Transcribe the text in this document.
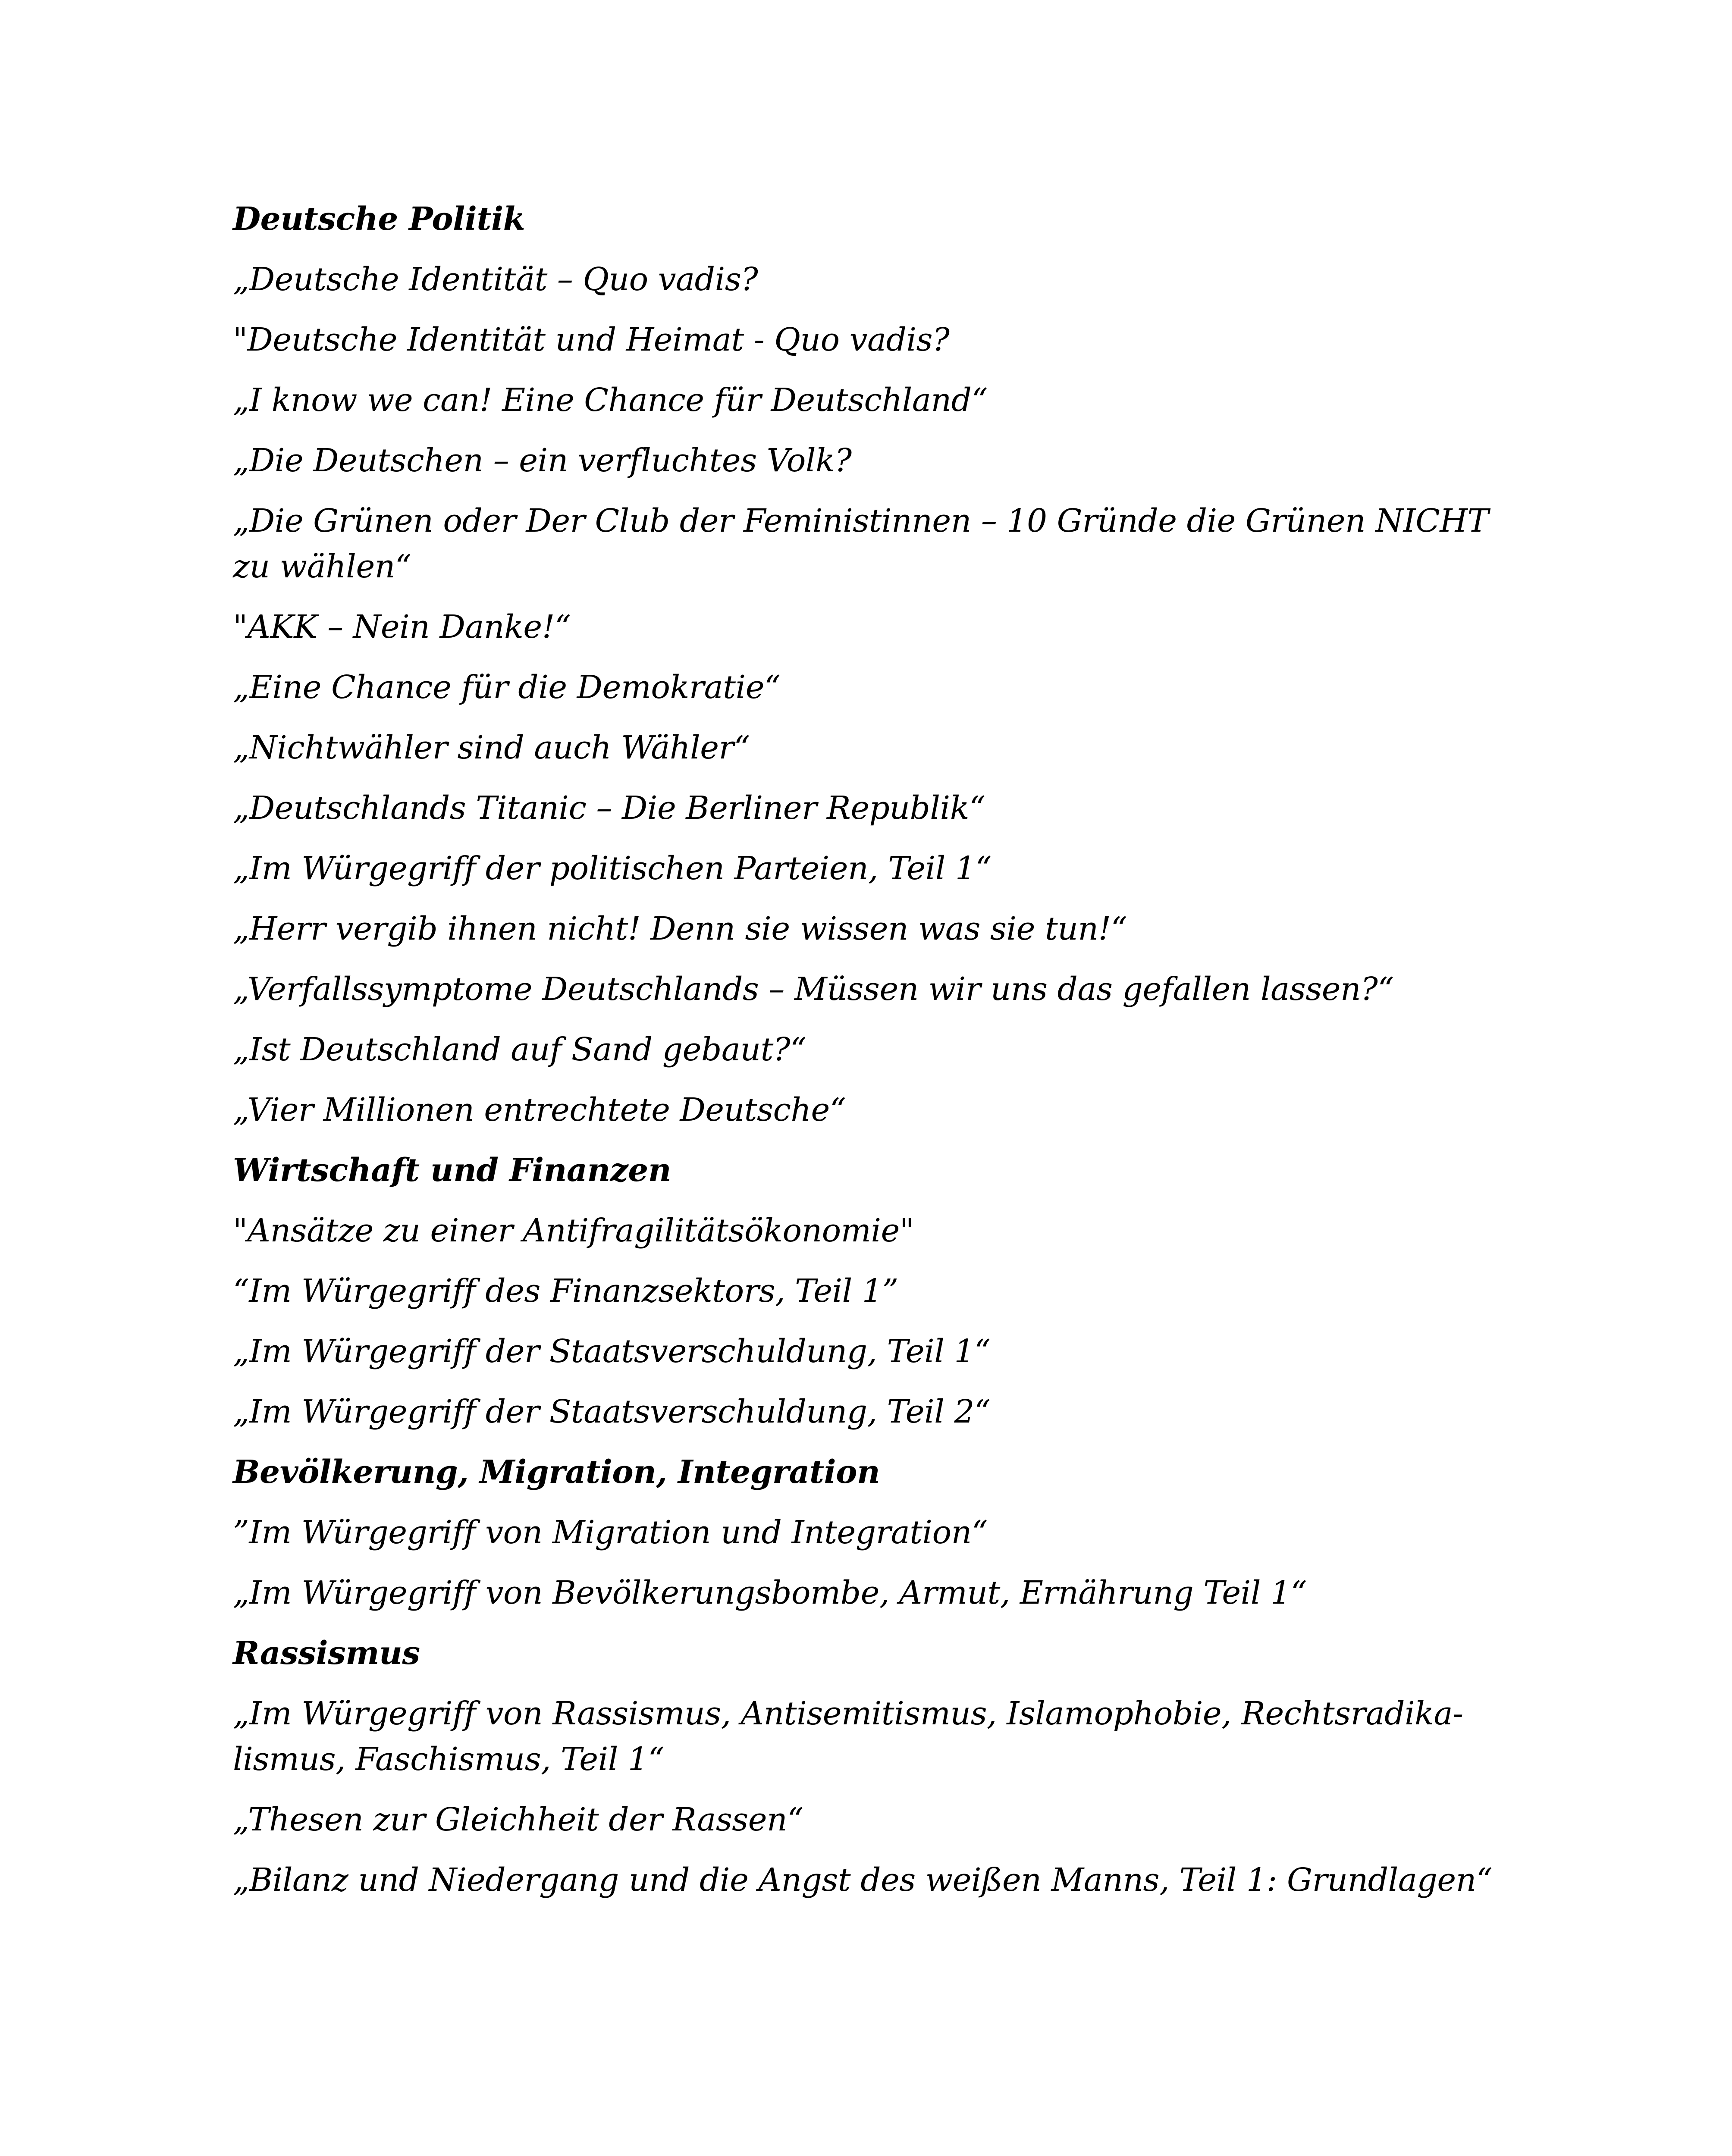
Deutsche Politik
„Deutsche Identität – Quo vadis?
"Deutsche Identität und Heimat - Quo vadis?
„I know we can! Eine Chance für Deutschland“
„Die Deutschen – ein verfluchtes Volk?
„Die Grünen oder Der Club der Feministinnen – 10 Gründe die Grünen NICHT
zu wählen“
"AKK – Nein Danke!“
„Eine Chance für die Demokratie“
„Nichtwähler sind auch Wähler“
„Deutschlands Titanic – Die Berliner Republik“
„Im Würgegriff der politischen Parteien, Teil 1“
„Herr vergib ihnen nicht! Denn sie wissen was sie tun!“
„Verfallssymptome Deutschlands – Müssen wir uns das gefallen lassen?“
„Ist Deutschland auf Sand gebaut?“
„Vier Millionen entrechtete Deutsche“
Wirtschaft und Finanzen
"Ansätze zu einer Antifragilitätsökonomie"
“Im Würgegriff des Finanzsektors, Teil 1”
„Im Würgegriff der Staatsverschuldung, Teil 1“
„Im Würgegriff der Staatsverschuldung, Teil 2“
Bevölkerung, Migration, Integration
”Im Würgegriff von Migration und Integration“
„Im Würgegriff von Bevölkerungsbombe, Armut, Ernährung Teil 1“
Rassismus
„Im Würgegriff von Rassismus, Antisemitismus, Islamophobie, Rechtsradika-
lismus, Faschismus, Teil 1“
„Thesen zur Gleichheit der Rassen“
„Bilanz und Niedergang und die Angst des weißen Manns, Teil 1: Grundlagen“
